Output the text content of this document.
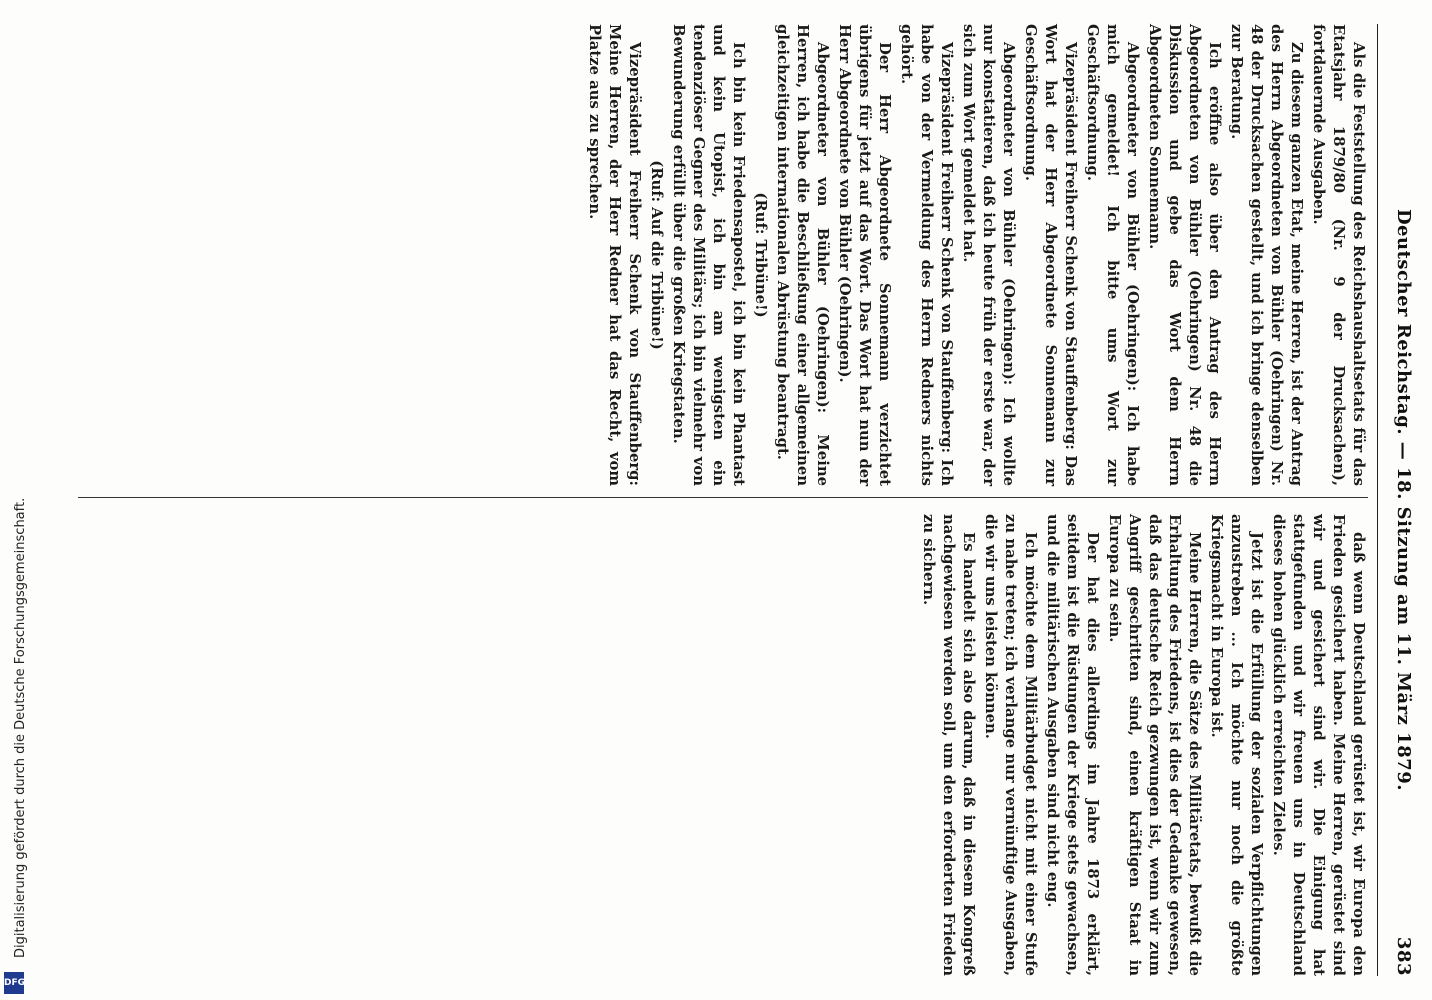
Deutscher Reichstag. — 18. Sitzung am 11. März 1879.
383

Als die Feststellung des Reichshaushaltsetats für das Etatsjahr 1879/80 (Nr. 9 der Drucksachen), fortdauernde Ausgaben.

Zu diesem ganzen Etat, meine Herren, ist der Antrag des Herrn Abgeordneten von Bühler (Oehringen) Nr. 48 der Drucksachen gestellt, und ich bringe denselben zur Beratung.

Ich eröffne also über den Antrag des Herrn Abgeordneten von Bühler (Oehringen) Nr. 48 die Diskussion und gebe das Wort dem Herrn Abgeordneten Sonnemann.

Abgeordneter von Bühler (Oehringen): Ich habe mich gemeldet! Ich bitte ums Wort zur Geschäftsordnung.

Vizepräsident Freiherr Schenk von Stauffenberg: Das Wort hat der Herr Abgeordnete Sonnemann zur Geschäftsordnung.

Abgeordneter von Bühler (Oehringen): Ich wollte nur konstatieren, daß ich heute früh der erste war, der sich zum Wort gemeldet hat.

Vizepräsident Freiherr Schenk von Stauffenberg: Ich habe von der Vermeldung des Herrn Redners nichts gehört.

Der Herr Abgeordnete Sonnemann verzichtet übrigens für jetzt auf das Wort. Das Wort hat nun der Herr Abgeordnete von Bühler (Oehringen).

Abgeordneter von Bühler (Oehringen): Meine Herren, ich habe die Beschließung einer allgemeinen gleichzeitigen internationalen Abrüstung beantragt.

(Ruf: Tribüne!)

Ich bin kein Friedensapostel, ich bin kein Phantast und kein Utopist, ich bin am wenigsten ein tendenziöser Gegner des Militärs; ich bin vielmehr von Bewunderung erfüllt über die großen Kriegstaten.

(Ruf: Auf die Tribüne!)

Vizepräsident Freiherr Schenk von Stauffenberg: Meine Herren, der Herr Redner hat das Recht, vom Platze aus zu sprechen.

daß wenn Deutschland gerüstet ist, wir Europa den Frieden gesichert haben. Meine Herren, gerüstet sind wir und gesichert sind wir. Die Einigung hat stattgefunden und wir freuen uns in Deutschland dieses hohen glücklich erreichten Zieles.

Jetzt ist die Erfüllung der sozialen Verpflichtungen anzustreben ... Ich möchte nur noch die größte Kriegsmacht in Europa ist.

Meine Herren, die Sätze des Militäretats, bewußt die Erhaltung des Friedens, ist dies der Gedanke gewesen, daß das deutsche Reich gezwungen ist, wenn wir zum Angriff geschritten sind, einen kräftigen Staat in Europa zu sein.

Der hat dies allerdings im Jahre 1873 erklärt, seitdem ist die Rüstungen der Kriege stets gewachsen, und die militärischen Ausgaben sind nicht eng.

Ich möchte dem Militärbudget nicht mit einer Stufe zu nahe treten; ich verlange nur vernünftige Ausgaben, die wir uns leisten können.

Es handelt sich also darum, daß in diesem Kongreß nachgewiesen werden soll, um den erforderten Frieden zu sichern.

Digitalisierung gefördert durch die Deutsche Forschungsgemeinschaft.
DFG
